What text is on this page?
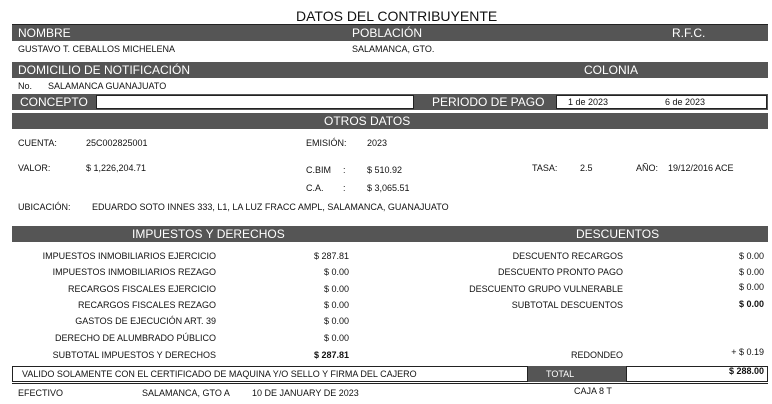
DATOS DEL CONTRIBUYENTE
NOMBRE	POBLACIÓN	R.F.C.
GUSTAVO T. CEBALLOS MICHELENA	SALAMANCA, GTO.
DOMICILIO DE NOTIFICACIÓN	COLONIA
No. SALAMANCA GUANAJUATO
CONCEPTO	PERIODO DE PAGO	1 de 2023	6 de 2023
OTROS DATOS
CUENTA:	25C002825001	EMISIÓN: 2023
VALOR:	$ 1,226,204.71	C.BIM : $ 510.92	TASA:	2.5	AÑO: 19/12/2016 ACE
C.A. : $ 3,065.51
UBICACIÓN: EDUARDO SOTO INNES 333, L1, LA LUZ FRACC AMPL, SALAMANCA, GUANAJUATO
IMPUESTOS Y DERECHOS	DESCUENTOS
IMPUESTOS INMOBILIARIOS EJERCICIO	$ 287.81
IMPUESTOS INMOBILIARIOS REZAGO	$ 0.00
RECARGOS FISCALES EJERCICIO	$ 0.00
RECARGOS FISCALES REZAGO	$ 0.00
GASTOS DE EJECUCIÓN ART. 39	$ 0.00
DERECHO DE ALUMBRADO PÚBLICO	$ 0.00
SUBTOTAL IMPUESTOS Y DERECHOS	$ 287.81
DESCUENTO RECARGOS	$ 0.00
DESCUENTO PRONTO PAGO	$ 0.00
DESCUENTO GRUPO VULNERABLE	$ 0.00
SUBTOTAL DESCUENTOS	$ 0.00
REDONDEO	+ $ 0.19
VALIDO SOLAMENTE CON EL CERTIFICADO DE MAQUINA Y/O SELLO Y FIRMA DEL CAJERO	TOTAL	$ 288.00
EFECTIVO	SALAMANCA, GTO A 10 DE JANUARY DE 2023	CAJA 8 T
